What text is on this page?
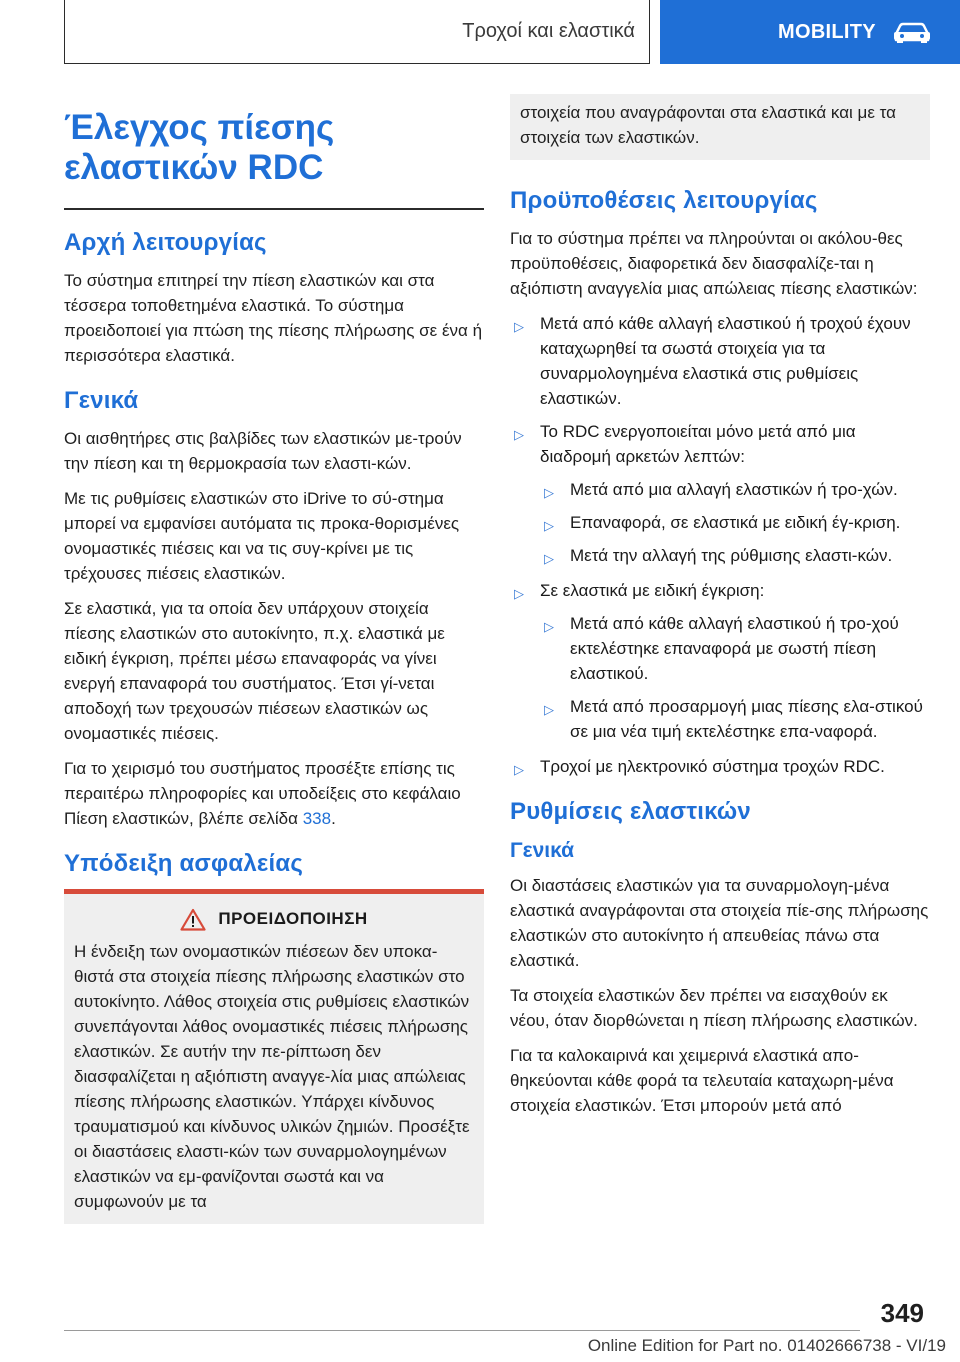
Τροχοί και ελαστικά	MOBILITY
Έλεγχος πίεσης ελαστικών RDC
Αρχή λειτουργίας

Το σύστημα επιτηρεί την πίεση ελαστικών και στα τέσσερα τοποθετημένα ελαστικά. Το σύστημα προειδοποιεί για πτώση της πίεσης πλήρωσης σε ένα ή περισσότερα ελαστικά.

Γενικά

Οι αισθητήρες στις βαλβίδες των ελαστικών με-τρούν την πίεση και τη θερμοκρασία των ελαστι-κών.

Με τις ρυθμίσεις ελαστικών στο iDrive το σύ-στημα μπορεί να εμφανίσει αυτόματα τις προκα-θορισμένες ονομαστικές πιέσεις και να τις συγ-κρίνει με τις τρέχουσες πιέσεις ελαστικών.

Σε ελαστικά, για τα οποία δεν υπάρχουν στοιχεία πίεσης ελαστικών στο αυτοκίνητο, π.χ. ελαστικά με ειδική έγκριση, πρέπει μέσω επαναφοράς να γίνει ενεργή επαναφορά του συστήματος. Έτσι γί-νεται αποδοχή των τρεχουσών πιέσεων ελαστικών ως ονομαστικές πιέσεις.

Για το χειρισμό του συστήματος προσέξτε επίσης τις περαιτέρω πληροφορίες και υποδείξεις στο κεφάλαιο Πίεση ελαστικών, βλέπε σελίδα 338.

Υπόδειξη ασφαλείας
ΠΡΟΕΙΔΟΠΟΙΗΣΗ

Η ένδειξη των ονομαστικών πιέσεων δεν υποκα-θιστά στα στοιχεία πίεσης πλήρωσης ελαστικών στο αυτοκίνητο. Λάθος στοιχεία στις ρυθμίσεις ελαστικών συνεπάγονται λάθος ονομαστικές πιέσεις πλήρωσης ελαστικών. Σε αυτήν την πε-ρίπτωση δεν διασφαλίζεται η αξιόπιστη αναγγε-λία μιας απώλειας πίεσης πλήρωσης ελαστικών. Υπάρχει κίνδυνος τραυματισμού και κίνδυνος υλικών ζημιών. Προσέξτε οι διαστάσεις ελαστι-κών των συναρμολογημένων ελαστικών να εμ-φανίζονται σωστά και να συμφωνούν με τα

στοιχεία που αναγράφονται στα ελαστικά και με τα στοιχεία των ελαστικών.

Προϋποθέσεις λειτουργίας

Για το σύστημα πρέπει να πληρούνται οι ακόλου-θες προϋποθέσεις, διαφορετικά δεν διασφαλίζε-ται η αξιόπιστη αναγγελία μιας απώλειας πίεσης ελαστικών:

▷ Μετά από κάθε αλλαγή ελαστικού ή τροχού έχουν καταχωρηθεί τα σωστά στοιχεία για τα συναρμολογημένα ελαστικά στις ρυθμίσεις ελαστικών.
▷ Το RDC ενεργοποιείται μόνο μετά από μια διαδρομή αρκετών λεπτών:
▷ Μετά από μια αλλαγή ελαστικών ή τρο-χών.
▷ Επαναφορά, σε ελαστικά με ειδική έγ-κριση.
▷ Μετά την αλλαγή της ρύθμισης ελαστι-κών.
▷ Σε ελαστικά με ειδική έγκριση:
▷ Μετά από κάθε αλλαγή ελαστικού ή τρο-χού εκτελέστηκε επαναφορά με σωστή πίεση ελαστικού.
▷ Μετά από προσαρμογή μιας πίεσης ελα-στικού σε μια νέα τιμή εκτελέστηκε επα-ναφορά.
▷ Τροχοί με ηλεκτρονικό σύστημα τροχών RDC.
Ρυθμίσεις ελαστικών
Γενικά

Οι διαστάσεις ελαστικών για τα συναρμολογη-μένα ελαστικά αναγράφονται στα στοιχεία πίε-σης πλήρωσης ελαστικών στο αυτοκίνητο ή απευθείας πάνω στα ελαστικά.

Τα στοιχεία ελαστικών δεν πρέπει να εισαχθούν εκ νέου, όταν διορθώνεται η πίεση πλήρωσης ελαστικών.

Για τα καλοκαιρινά και χειμερινά ελαστικά απο-θηκεύονται κάθε φορά τα τελευταία καταχωρη-μένα στοιχεία ελαστικών. Έτσι μπορούν μετά από

349
Online Edition for Part no. 01402666738 - VI/19
